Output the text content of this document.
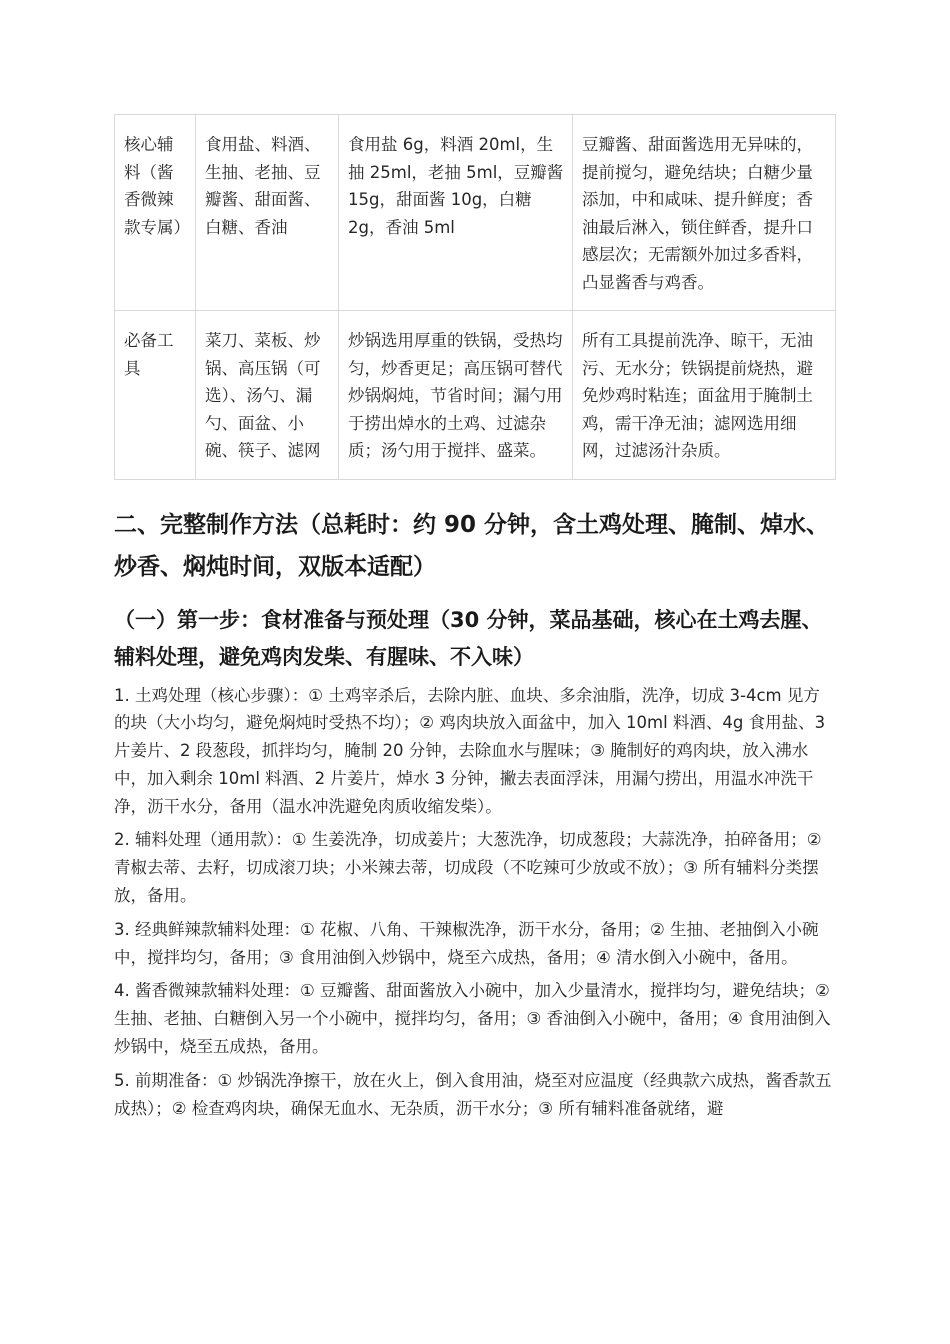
核心辅料（酱香微辣款专属）	食用盐、料酒、生抽、老抽、豆瓣酱、甜面酱、白糖、香油	食用盐 6g，料酒 20ml，生抽 25ml，老抽 5ml，豆瓣酱 15g，甜面酱 10g，白糖 2g，香油 5ml	豆瓣酱、甜面酱选用无异味的，提前搅匀，避免结块；白糖少量添加，中和咸味、提升鲜度；香油最后淋入，锁住鲜香，提升口感层次；无需额外加过多香料，凸显酱香与鸡香。
必备工具	菜刀、菜板、炒锅、高压锅（可选）、汤勺、漏勺、面盆、小碗、筷子、滤网	炒锅选用厚重的铁锅，受热均匀，炒香更足；高压锅可替代炒锅焖炖，节省时间；漏勺用于捞出焯水的土鸡、过滤杂质；汤勺用于搅拌、盛菜。	所有工具提前洗净、晾干，无油污、无水分；铁锅提前烧热，避免炒鸡时粘连；面盆用于腌制土鸡，需干净无油；滤网选用细网，过滤汤汁杂质。
二、完整制作方法（总耗时：约 90 分钟，含土鸡处理、腌制、焯水、炒香、焖炖时间，双版本适配）
（一）第一步：食材准备与预处理（30 分钟，菜品基础，核心在土鸡去腥、辅料处理，避免鸡肉发柴、有腥味、不入味）

1. 土鸡处理（核心步骤）：① 土鸡宰杀后，去除内脏、血块、多余油脂，洗净，切成 3-4cm 见方的块（大小均匀，避免焖炖时受热不均）；② 鸡肉块放入面盆中，加入 10ml 料酒、4g 食用盐、3 片姜片、2 段葱段，抓拌均匀，腌制 20 分钟，去除血水与腥味；③ 腌制好的鸡肉块，放入沸水中，加入剩余 10ml 料酒、2 片姜片，焯水 3 分钟，撇去表面浮沫，用漏勺捞出，用温水冲洗干净，沥干水分，备用（温水冲洗避免肉质收缩发柴）。

2. 辅料处理（通用款）：① 生姜洗净，切成姜片；大葱洗净，切成葱段；大蒜洗净，拍碎备用；② 青椒去蒂、去籽，切成滚刀块；小米辣去蒂，切成段（不吃辣可少放或不放）；③ 所有辅料分类摆放，备用。

3. 经典鲜辣款辅料处理：① 花椒、八角、干辣椒洗净，沥干水分，备用；② 生抽、老抽倒入小碗中，搅拌均匀，备用；③ 食用油倒入炒锅中，烧至六成热，备用；④ 清水倒入小碗中，备用。

4. 酱香微辣款辅料处理：① 豆瓣酱、甜面酱放入小碗中，加入少量清水，搅拌均匀，避免结块；② 生抽、老抽、白糖倒入另一个小碗中，搅拌均匀，备用；③ 香油倒入小碗中，备用；④ 食用油倒入炒锅中，烧至五成热，备用。

5. 前期准备：① 炒锅洗净擦干，放在火上，倒入食用油，烧至对应温度（经典款六成热，酱香款五成热）；② 检查鸡肉块，确保无血水、无杂质，沥干水分；③ 所有辅料准备就绪，避
